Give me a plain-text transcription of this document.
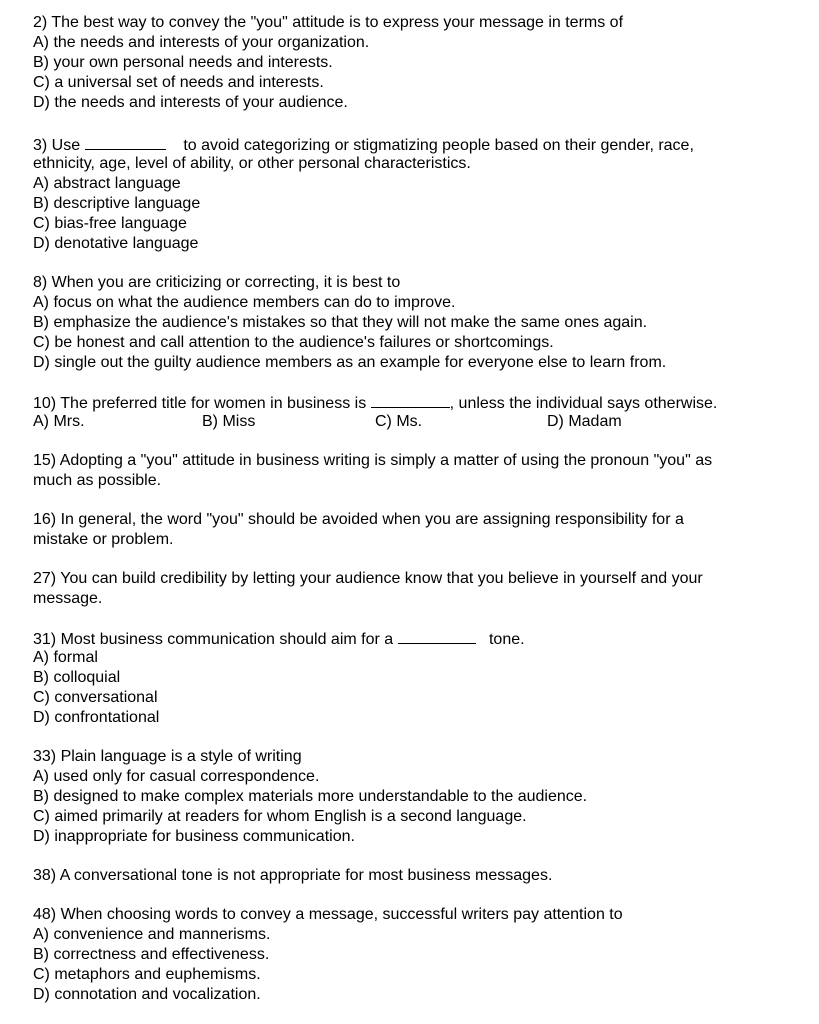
2) The best way to convey the "you" attitude is to express your message in terms of
A) the needs and interests of your organization.
B) your own personal needs and interests.
C) a universal set of needs and interests.
D) the needs and interests of your audience.
3) Use	to avoid categorizing or stigmatizing people based on their gender, race,
ethnicity, age, level of ability, or other personal characteristics.
A) abstract language
B) descriptive language
C) bias-free language
D) denotative language
8) When you are criticizing or correcting, it is best to
A) focus on what the audience members can do to improve.
B) emphasize the audience's mistakes so that they will not make the same ones again.
C) be honest and call attention to the audience's failures or shortcomings.
D) single out the guilty audience members as an example for everyone else to learn from.
10) The preferred title for women in business is	, unless the individual says otherwise.
A) Mrs.	B) Miss	C) Ms.	D) Madam
15) Adopting a "you" attitude in business writing is simply a matter of using the pronoun "you" as
much as possible.
16) In general, the word "you" should be avoided when you are assigning responsibility for a
mistake or problem.
27) You can build credibility by letting your audience know that you believe in yourself and your
message.
31) Most business communication should aim for a	tone.
A) formal
B) colloquial
C) conversational
D) confrontational
33) Plain language is a style of writing
A) used only for casual correspondence.
B) designed to make complex materials more understandable to the audience.
C) aimed primarily at readers for whom English is a second language.
D) inappropriate for business communication.
38) A conversational tone is not appropriate for most business messages.
48) When choosing words to convey a message, successful writers pay attention to
A) convenience and mannerisms.
B) correctness and effectiveness.
C) metaphors and euphemisms.
D) connotation and vocalization.
